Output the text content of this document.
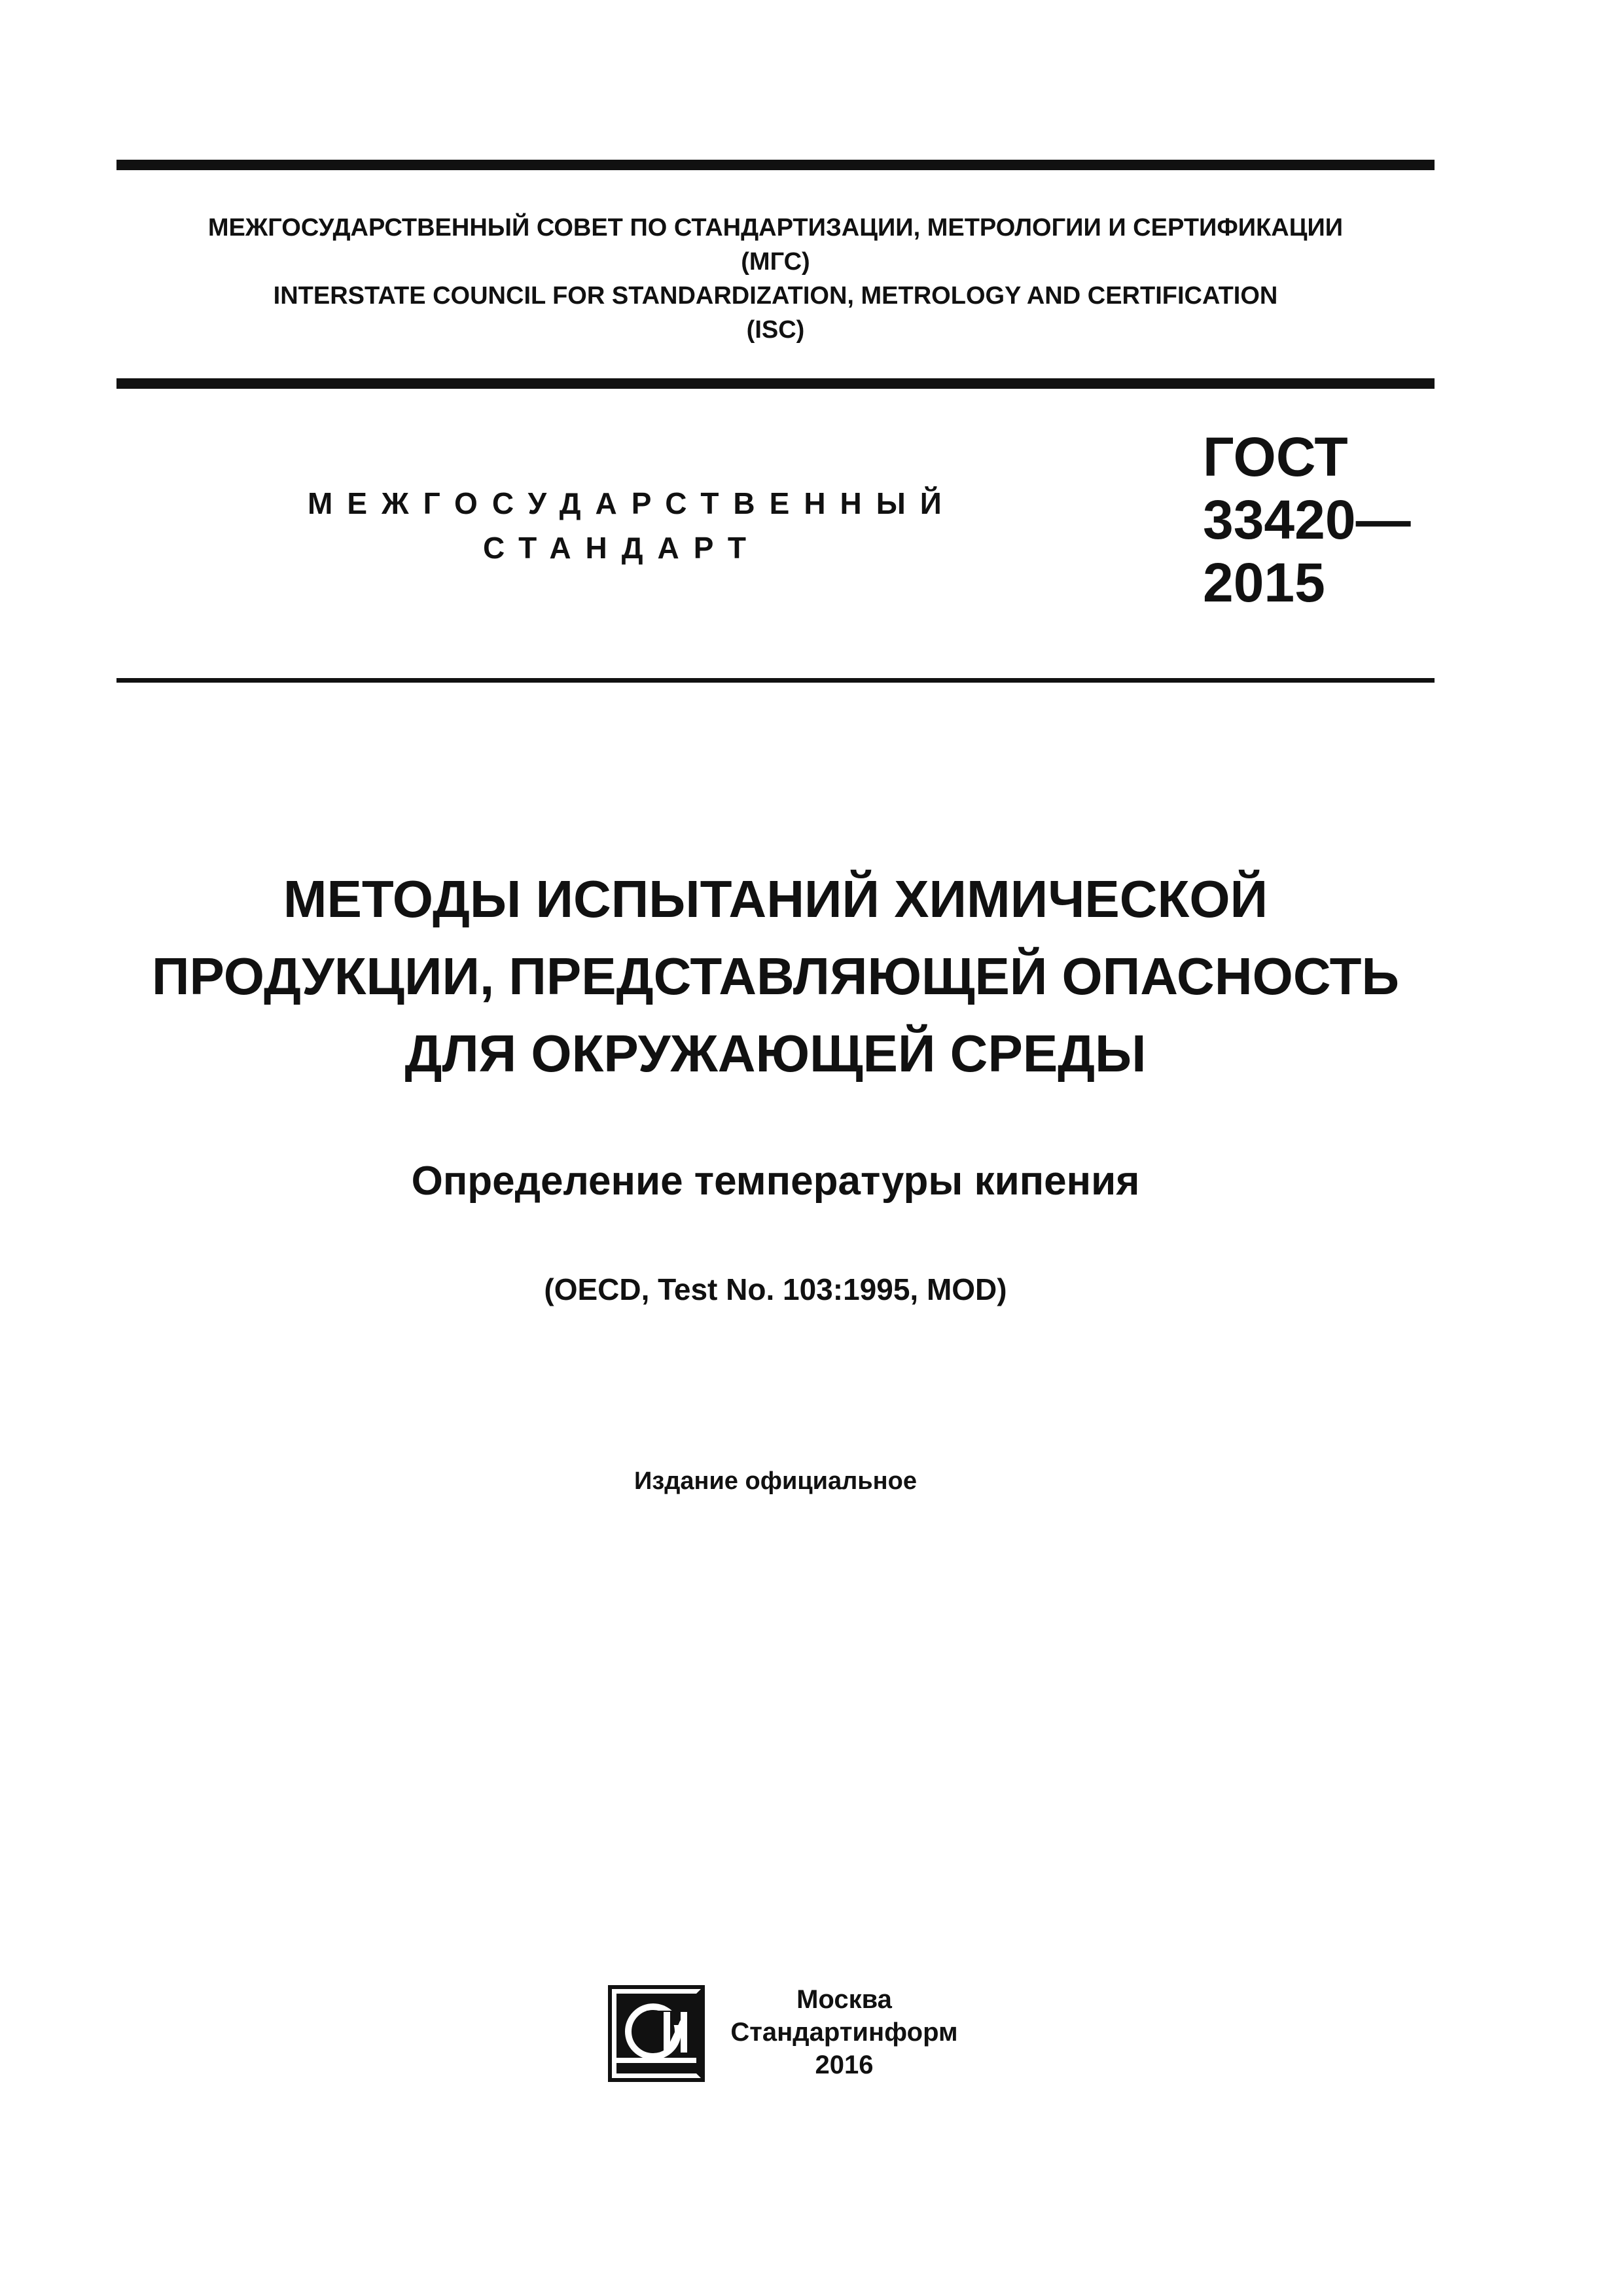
МЕЖГОСУДАРСТВЕННЫЙ СОВЕТ ПО СТАНДАРТИЗАЦИИ, МЕТРОЛОГИИ И СЕРТИФИКАЦИИ
(МГС)
INTERSTATE COUNCIL FOR STANDARDIZATION, METROLOGY AND CERTIFICATION
(ISC)
МЕЖГОСУДАРСТВЕННЫЙ
СТАНДАРТ
ГОСТ
33420—
2015
МЕТОДЫ ИСПЫТАНИЙ ХИМИЧЕСКОЙ
ПРОДУКЦИИ, ПРЕДСТАВЛЯЮЩЕЙ ОПАСНОСТЬ
ДЛЯ ОКРУЖАЮЩЕЙ СРЕДЫ
Определение температуры кипения
(OECD, Test No. 103:1995, MOD)
Издание официальное
Москва
Стандартинформ
2016
